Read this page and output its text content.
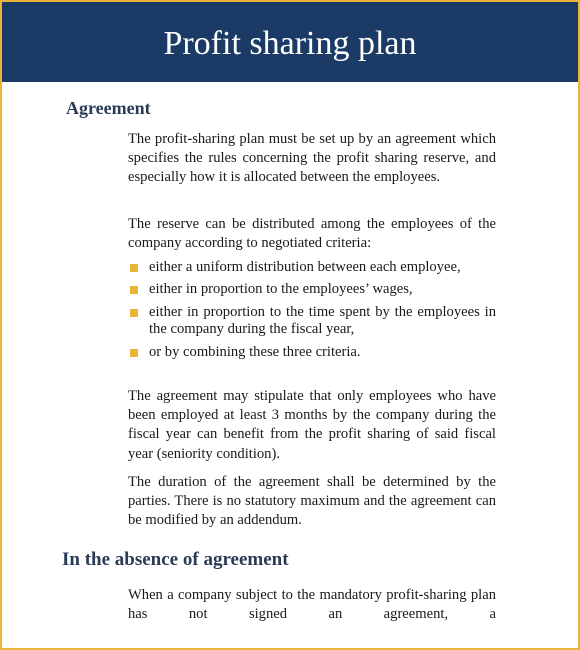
Profit sharing plan
Agreement

The profit-sharing plan must be set up by an agreement which specifies the rules concerning the profit sharing reserve, and especially how it is allocated between the employees.

The reserve can be distributed among the employees of the company according to negotiated criteria:

either a uniform distribution between each employee,
either in proportion to the employees’ wages,
either in proportion to the time spent by the employees in the company during the fiscal year,
or by combining these three criteria.

The agreement may stipulate that only employees who have been employed at least 3 months by the company during the fiscal year can benefit from the profit sharing of said fiscal year (seniority condition).

The duration of the agreement shall be determined by the parties. There is no statutory maximum and the agreement can be modified by an addendum.

In the absence of agreement

When a company subject to the mandatory profit-sharing plan has not signed an agreement, a
